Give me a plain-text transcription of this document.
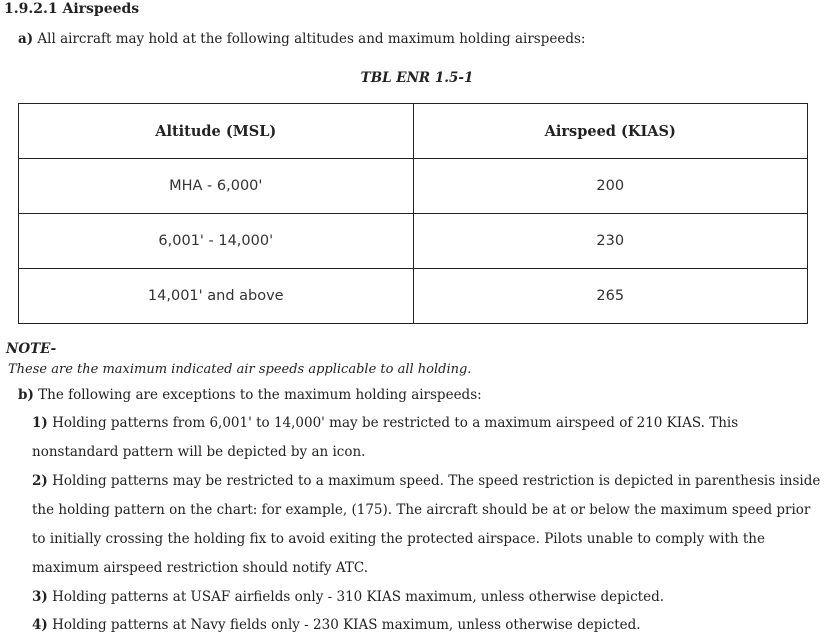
1.9.2.1 Airspeeds
a) All aircraft may hold at the following altitudes and maximum holding airspeeds:
TBL ENR 1.5-1
Altitude (MSL)	Airspeed (KIAS)
MHA - 6,000'	200
6,001' - 14,000'	230
14,001' and above	265
NOTE-
These are the maximum indicated air speeds applicable to all holding.
b) The following are exceptions to the maximum holding airspeeds:
1) Holding patterns from 6,001' to 14,000' may be restricted to a maximum airspeed of 210 KIAS. This nonstandard pattern will be depicted by an icon.
2) Holding patterns may be restricted to a maximum speed. The speed restriction is depicted in parenthesis inside the holding pattern on the chart: for example, (175). The aircraft should be at or below the maximum speed prior to initially crossing the holding fix to avoid exiting the protected airspace. Pilots unable to comply with the maximum airspeed restriction should notify ATC.
3) Holding patterns at USAF airfields only - 310 KIAS maximum, unless otherwise depicted.
4) Holding patterns at Navy fields only - 230 KIAS maximum, unless otherwise depicted.
